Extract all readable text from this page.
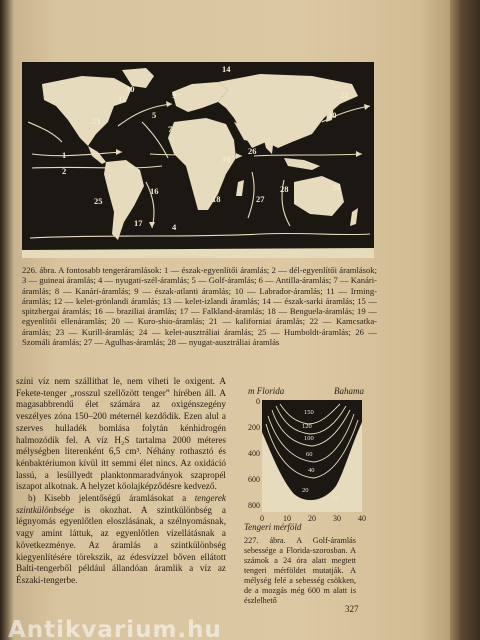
11
20
5
4
1
2
7
9
10
14
16
17
18
19
21
22
24
25
26
27
28
226. ábra. A fontosabb tengeráramlások: 1 — észak-egyenlítői áramlás; 2 — dél-egyenlítői áramlások; 3 — guineai áramlás; 4 — nyugati-szél-áramlás; 5 — Golf-áramlás; 6 — Antilla-áramlás; 7 — Kanári-áramlás; 8 — Kanári-áramlás; 9 — észak-atlanti áramlás; 10 — Labrador-áramlás; 11 — Irming-áramlás; 12 — kelet-grönlandi áramlás; 13 — kelet-izlandi áramlás; 14 — észak-sarki áramlás; 15 — spitzbergai áramlás; 16 — braziliai áramlás; 17 — Falkland-áramlás; 18 — Benguela-áramlás; 19 — egyenlítői ellenáramlás; 20 — Kuro-shio-áramlás; 21 — kaliforniai áramlás; 22 — Kamcsatka-áramlás; 23 — Kurill-áramlás; 24 — kelet-ausztráliai áramlás; 25 — Humboldt-áramlás; 26 — Szomáli áramlás; 27 — Agulhas-áramlás; 28 — nyugat-ausztráliai áramlás

színi víz nem szállíthat le, nem viheti le oxigent. A Fekete-tenger „rosszul szellőzött tenger” hírében áll. A magasabbrendű élet számára az oxigénszegény veszélyes zóna 150–200 méternél kezdődik. Ezen alul a szerves hulladék bomlása folytán kénhidrogén halmozódik fel. A víz H₂S tartalma 2000 méteres mélységben literenként 6,5 cm³. Néhány rothasztó és kénbaktériumon kívül itt semmi élet nincs. Az oxidáció lassú, a lesüllyedt planktonmaradványok szapropél iszapot alkotnak. A helyzet kőolajképződésre kedvező.

b) Kisebb jelentőségű áramlásokat a tengerek szintkülönbsége is okozhat. A szintkülönbség a légnyomás egyenlőtlen eloszlásának, a szélnyomásnak, vagy amint láttuk, az egyenlőtlen vízellátásnak a következménye. Az áramlás a szintkülönbség kiegyenlítésére törekszik, az édesvízzel bőven ellátott Balti-tengerből például állandóan áramlik a víz az Északi-tengerbe.

m Florida	Bahama
150
120
100
60
40
20
10
0
200
400
600
800
0 10 20 30 40
Tengeri mérföld
227. ábra. A Golf-áramlás sebessége a Florida-szorosban. A számok a 24 óra alatt megtett tengeri mérföldet mutatják. A mélység felé a sebesség csökken, de a mozgás még 600 m alatt is észlelhető
327
Antikvarium.hu
